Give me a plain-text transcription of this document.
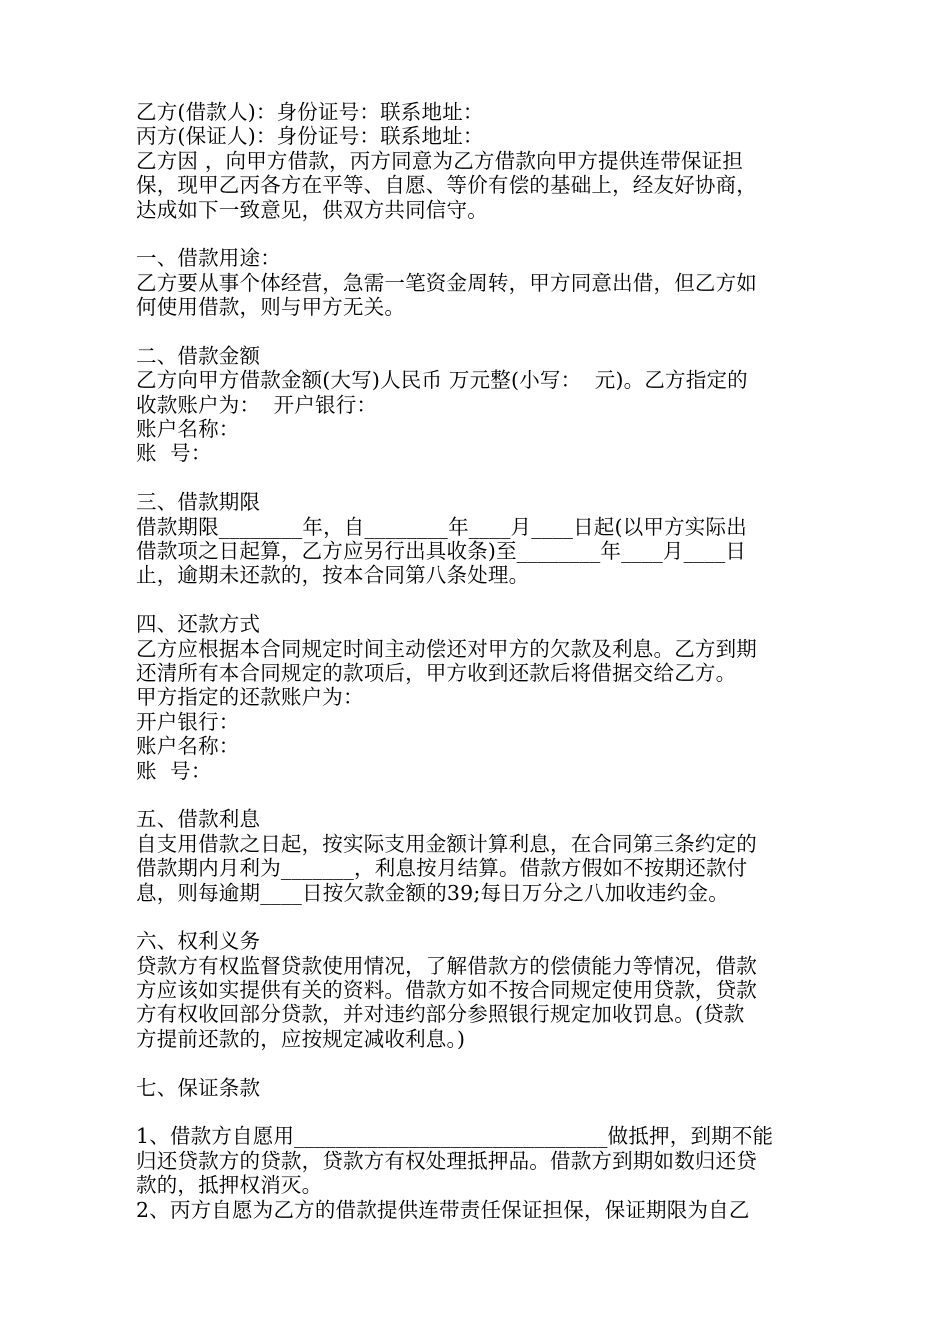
乙方(借款人)：身份证号：联系地址：
丙方(保证人)：身份证号：联系地址：
乙方因 ，向甲方借款，丙方同意为乙方借款向甲方提供连带保证担
保，现甲乙丙各方在平等、自愿、等价有偿的基础上，经友好协商，
达成如下一致意见，供双方共同信守。
一、借款用途：
乙方要从事个体经营，急需一笔资金周转，甲方同意出借，但乙方如
何使用借款，则与甲方无关。
二、借款金额
乙方向甲方借款金额(大写)人民币 万元整(小写：  元)。乙方指定的
收款账户为：  开户银行：
账户名称：
账  号：
三、借款期限
借款期限________年，自________年____月____日起(以甲方实际出
借款项之日起算，乙方应另行出具收条)至________年____月____日
止，逾期未还款的，按本合同第八条处理。
四、还款方式
乙方应根据本合同规定时间主动偿还对甲方的欠款及利息。乙方到期
还清所有本合同规定的款项后，甲方收到还款后将借据交给乙方。
甲方指定的还款账户为：
开户银行：
账户名称：
账  号：
五、借款利息
自支用借款之日起，按实际支用金额计算利息，在合同第三条约定的
借款期内月利为_______，利息按月结算。借款方假如不按期还款付
息，则每逾期____日按欠款金额的39;每日万分之八加收违约金。
六、权利义务
贷款方有权监督贷款使用情况，了解借款方的偿债能力等情况，借款
方应该如实提供有关的资料。借款方如不按合同规定使用贷款，贷款
方有权收回部分贷款，并对违约部分参照银行规定加收罚息。(贷款
方提前还款的，应按规定减收利息。)
七、保证条款
1、借款方自愿用______________________________做抵押，到期不能
归还贷款方的贷款，贷款方有权处理抵押品。借款方到期如数归还贷
款的，抵押权消灭。
2、丙方自愿为乙方的借款提供连带责任保证担保，保证期限为自乙
